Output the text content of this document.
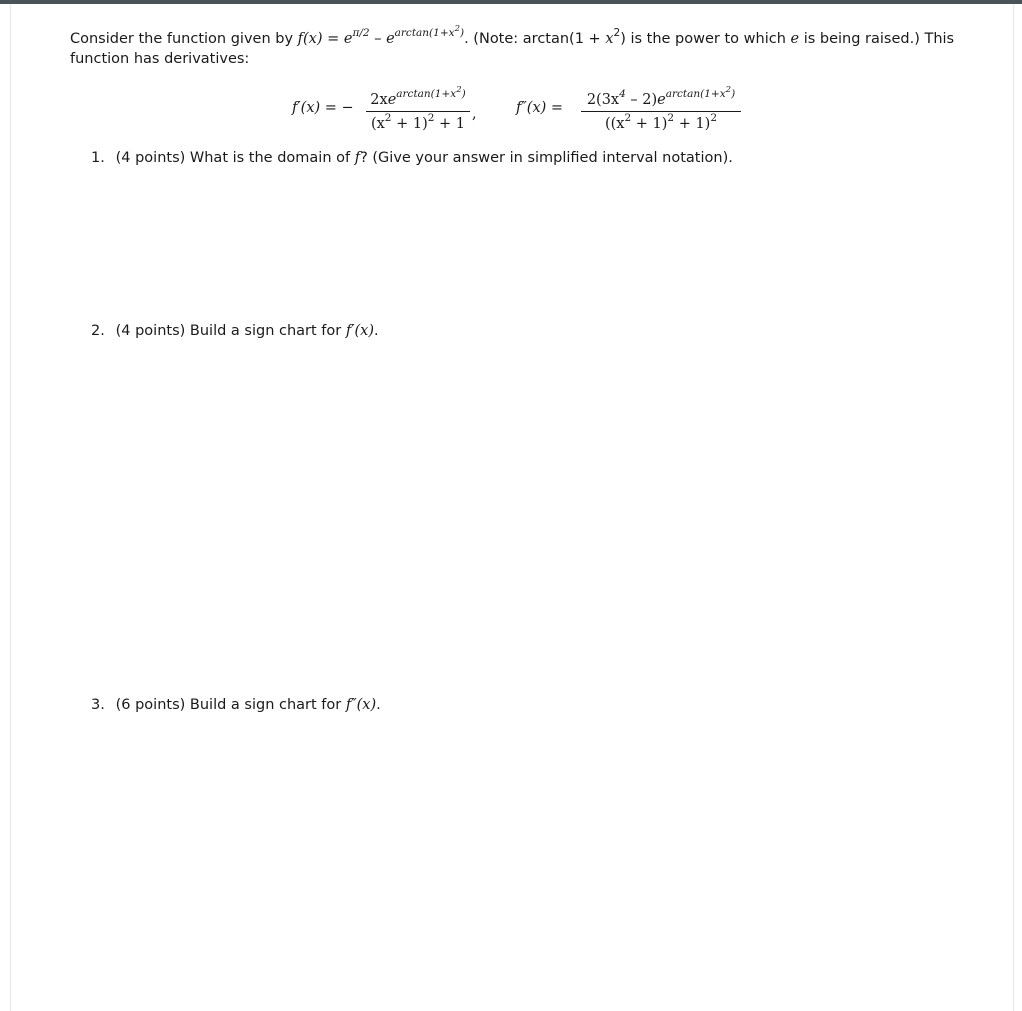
Consider the function given by $f(x) = e^{\pi/2} - e^{arctan(1+x^2)}$. (Note: $\arctan(1 + x^2)$ is the power to which e is being raised.) This
function has derivatives:
f′(x) = − $2xe^{arctan(1+x^2)}$
$(x^2 + 1)^2 + 1$
,	f″(x) =	$2(3x^4 - 2)e^{arctan(1+x^2)}$
$((x^2 + 1)^2 + 1)^2$
1. (4 points) What is the domain of f? (Give your answer in simplified interval notation).
2. (4 points) Build a sign chart for f′(x).
3. (6 points) Build a sign chart for f″(x).
